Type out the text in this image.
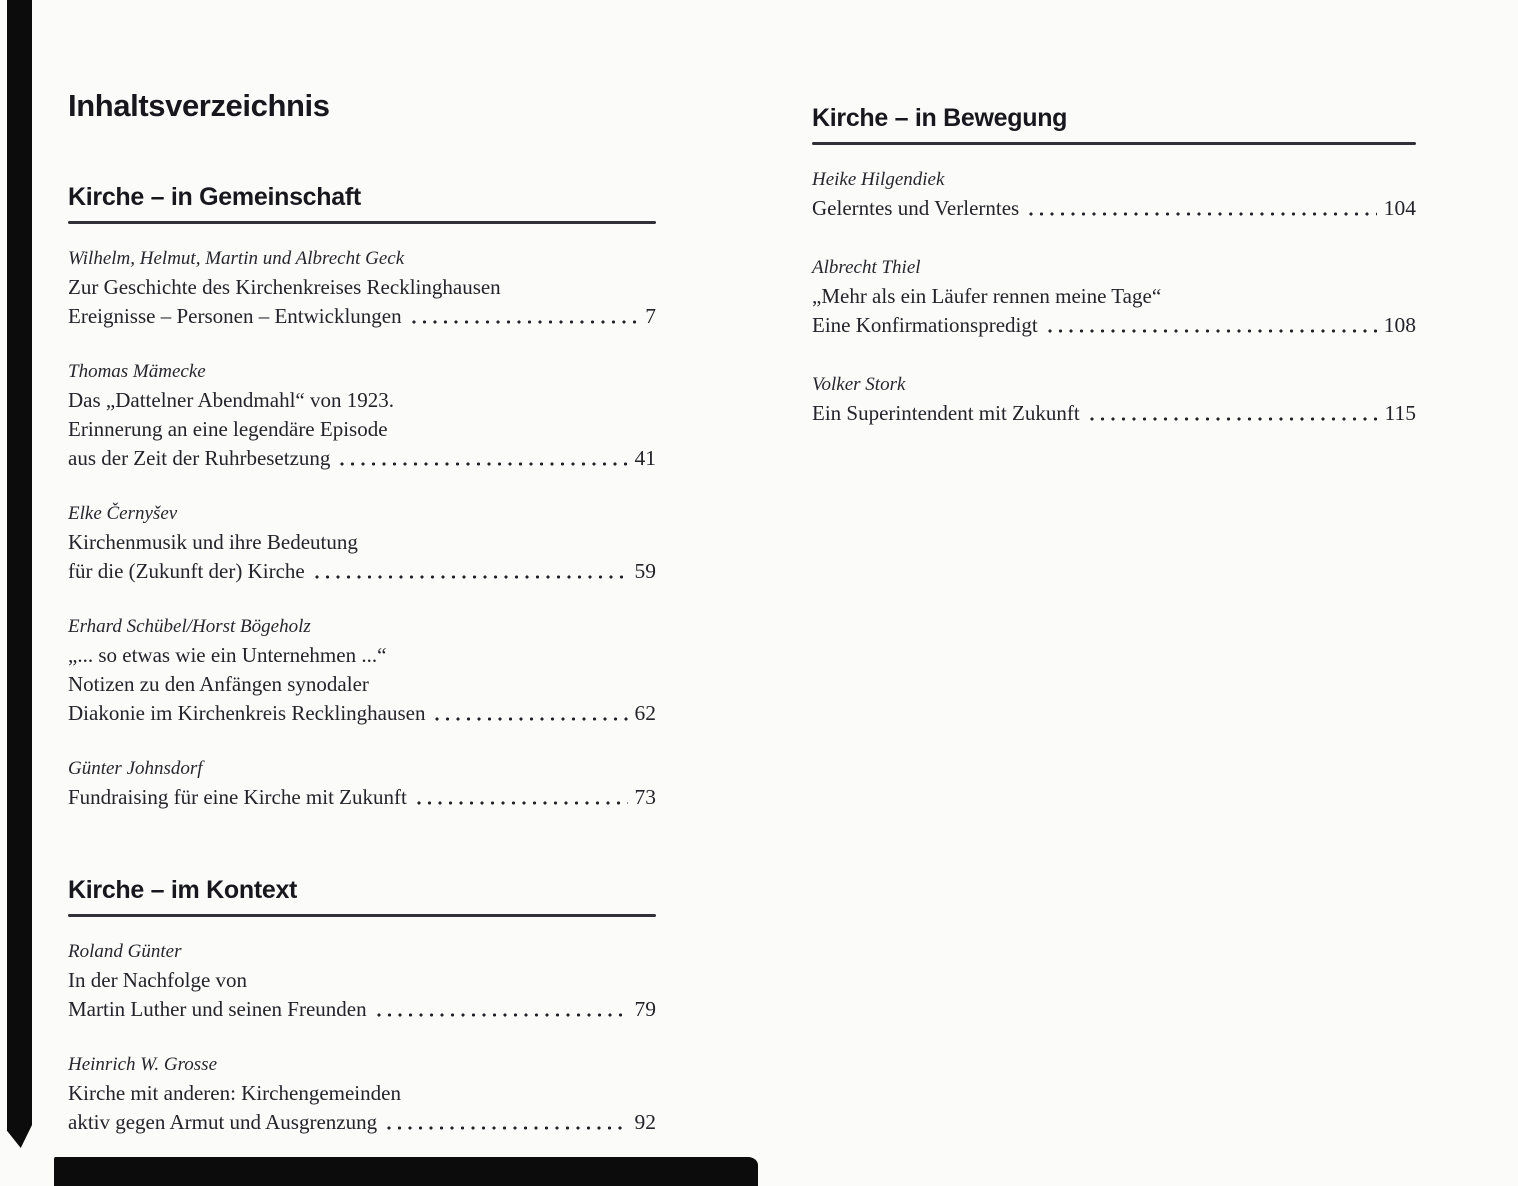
Inhaltsverzeichnis
Kirche – in Gemeinschaft
Wilhelm, Helmut, Martin und Albrecht Geck
Zur Geschichte des Kirchenkreises Recklinghausen
Ereignisse – Personen – Entwicklungen	7
Thomas Mämecke
Das „Dattelner Abendmahl“ von 1923.
Erinnerung an eine legendäre Episode
aus der Zeit der Ruhrbesetzung	41
Elke Černyšev
Kirchenmusik und ihre Bedeutung
für die (Zukunft der) Kirche	59
Erhard Schübel/Horst Bögeholz
„... so etwas wie ein Unternehmen ...“
Notizen zu den Anfängen synodaler
Diakonie im Kirchenkreis Recklinghausen	62
Günter Johnsdorf
Fundraising für eine Kirche mit Zukunft	73
Kirche – im Kontext
Roland Günter
In der Nachfolge von
Martin Luther und seinen Freunden	79
Heinrich W. Grosse
Kirche mit anderen: Kirchengemeinden
aktiv gegen Armut und Ausgrenzung	92
Kirche – in Bewegung
Heike Hilgendiek
Gelerntes und Verlerntes	104
Albrecht Thiel
„Mehr als ein Läufer rennen meine Tage“
Eine Konfirmationspredigt	108
Volker Stork
Ein Superintendent mit Zukunft	115
